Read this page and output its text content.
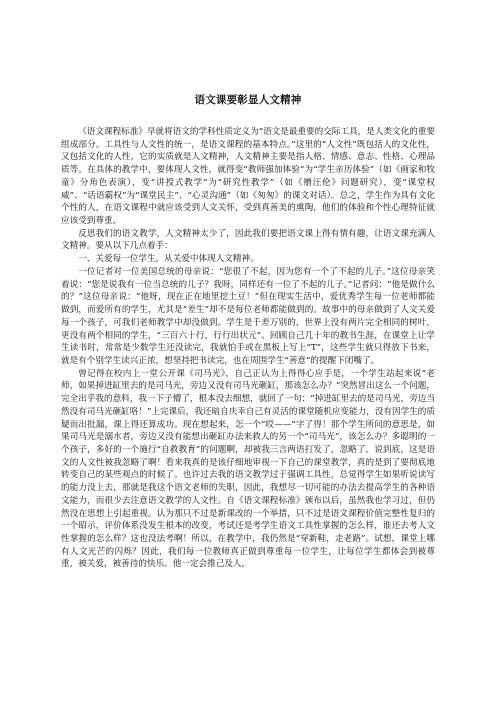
语文课要彰显人文精神

《语文课程标准》早就将语文的学科性质定义为“语文是最重要的交际工具，是人类文化的重要组成部分。工具性与人文性的统一，是语文课程的基本特点。”这里的“人文性”既包括人的文化性，又包括文化的人性，它的实质就是人文精神，人文精神主要是指人格、情感、意志、性格、心理品质等。在具体的教学中，要体现人文性，就得变“教师强加体验”为“学生亲历体验”（如《画家和牧童》分角色表演），变“讲授式教学”为“研究性教学”（如《赠汪伦》问题研究），变“课堂权威”、“话语霸权”为“课堂民主”、“心灵沟通”（如《匆匆》的课文对话）。总之，学生作为具有文化个性的人，在语文课程中就应该受到人文关怀，受到真善美的熏陶，他们的体验和个性心理特征就应该受到尊重。

反思我们的语文教学，人文精神太少了，因此我们要把语文课上得有情有趣，让语文课充满人文精神。要从以下几点着手：

一、关爱每一位学生，从关爱中体现人文精神。

一位记者对一位美国总统的母亲说：“您很了不起，因为您有一个了不起的儿子。”这位母亲笑着说：“您是说我有一位当总统的儿子？我呀，同样还有一位了不起的儿子。”记者问：“他是做什么的？”这位母亲说：“他呀，现在正在地里挖土豆！”但在现实生活中，爱优秀学生每一位老师都能做到，而爱所有的学生，尤其是“差生”却不是每位老师都能做到的。故事中的母亲做到了人文关爱每一个孩子，可我们老师教学中却没做到。学生是千差万别的，世界上没有两片完全相同的树叶，更没有两个相同的学生，“三百六十行，行行出状元”。回顾自己几十年的教书生涯，在课堂上让学生读书时，常常是少数学生还没读完，我就怕手或在黑板上写上“T”，这些学生就只得放下书来，就是有个别学生读兴正浓，想坚持把书读完，也在周围学生“善意”的提醒下闭嘴了。

曾记得在校内上一堂公开课《司马光》，自己正认为上得得心应手是，一个学生站起来说“老师，如果掉进缸里去的是司马光，旁边又没有司马光砸缸，那该怎么办？”突然冒出这么一个问题，完全出乎我的意料，我一下子懵了，根本没去细想，就回了一句：“掉进缸里去的是司马光，旁边当然没有司马光砸缸咯！”上完课后，我还暗自庆幸自己有灵活的课堂随机应变能力，没有因学生的质疑而出批漏，课上得还算成功。现在想起来，怎一个“哎——”字了得！那个学生所问的意思是，如果司马光是溺水者，旁边又没有能想出砸缸办法来救人的另一个“司马光”，该怎么办？多聪明的一个孩子，多好的一个施行“自救教育”的问题啊，却被我三言两语打发了，忽略了，说到底，这是语文的人文性被我忽略了啊！看来我真的是该仔细地审视一下自己的课堂教学，真的是到了要彻底地转变自己的某些观点的时候了。也许过去我的语文教学过于强调工具性，总觉得学生如果听说读写的能力没上去，那就是我这个语文老师的失职，因此，我想尽一切可能的办法去提高学生的各种语文能力，而很少去注意语文教学的人文性。自《语文课程标准》颁布以后，虽然我也学习过，但仍然没在思想上引起重视。认为那只不过是新课改的一个举措，只不过是语文课程价值完整性复归的一个昭示，评价体系没发生根本的改变，考试还是考学生语文工具性掌握的怎么样，谁还去考人文性掌握的怎么样？这也没法考啊！所以，在教学中，我仍然是“穿新鞋，走老路”。试想，课堂上哪有人文光芒的闪烁？因此，我们每一位教师真正做到尊重每一位学生，让每位学生都体会到被尊重，被关爱，被善待的快乐。他一定会推己及人，
